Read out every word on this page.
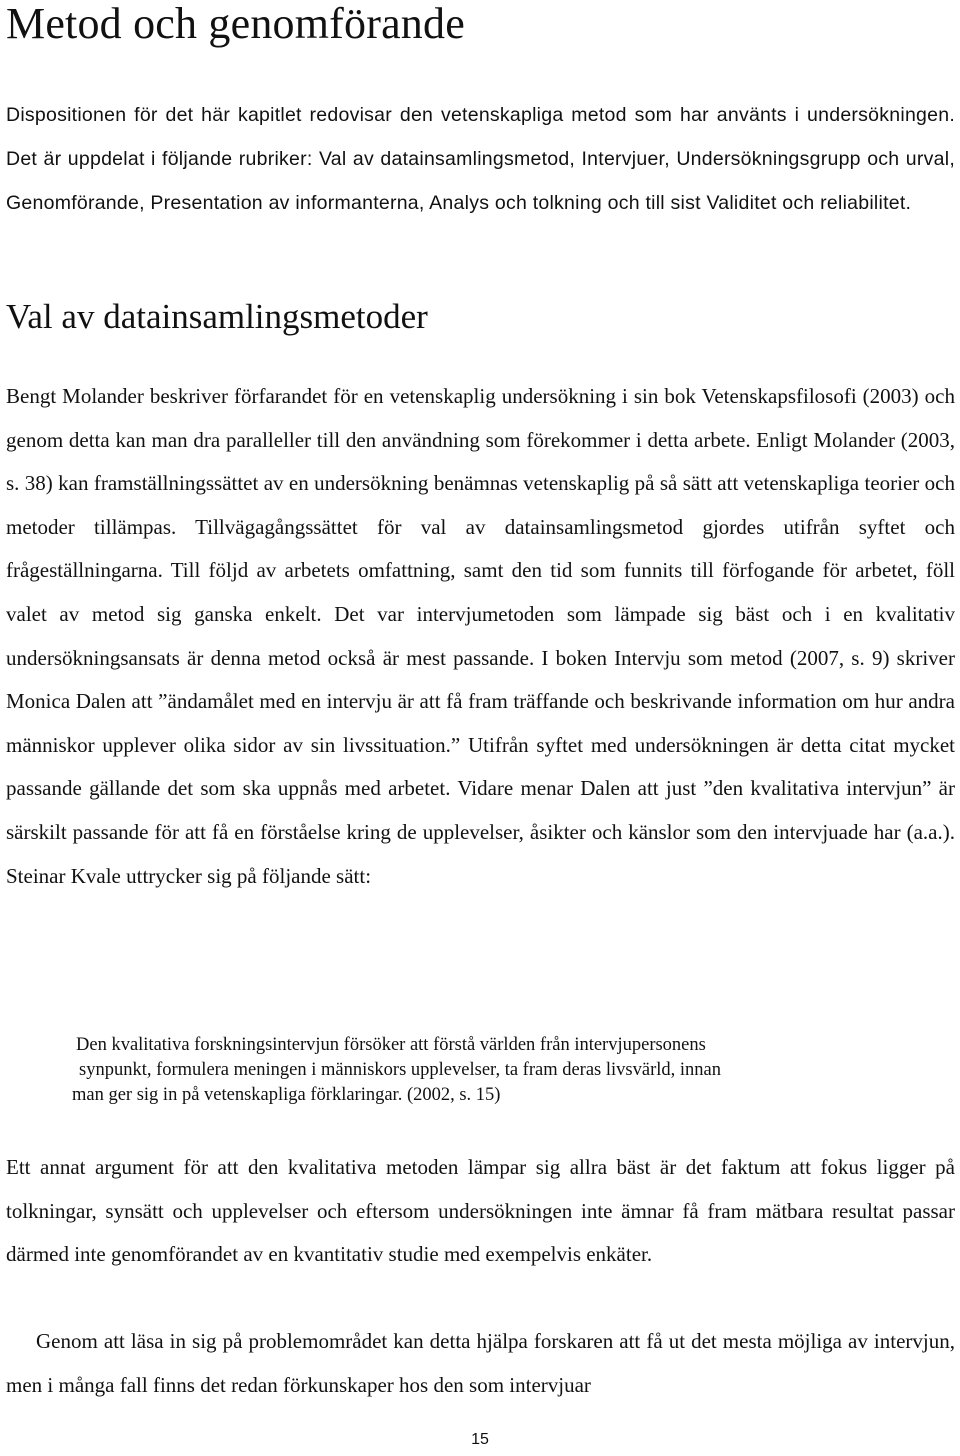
Metod och genomförande

Dispositionen för det här kapitlet redovisar den vetenskapliga metod som har använts i undersökningen. Det är uppdelat i följande rubriker: Val av datainsamlingsmetod, Intervjuer, Undersökningsgrupp och urval, Genomförande, Presentation av informanterna, Analys och tolkning och till sist Validitet och reliabilitet.

Val av datainsamlingsmetoder

Bengt Molander beskriver förfarandet för en vetenskaplig undersökning i sin bok Vetenskapsfilosofi (2003) och genom detta kan man dra paralleller till den användning som förekommer i detta arbete. Enligt Molander (2003, s. 38) kan framställningssättet av en undersökning benämnas vetenskaplig på så sätt att vetenskapliga teorier och metoder tillämpas. Tillvägagångssättet för val av datainsamlingsmetod gjordes utifrån syftet och frågeställningarna. Till följd av arbetets omfattning, samt den tid som funnits till förfogande för arbetet, föll valet av metod sig ganska enkelt. Det var intervjumetoden som lämpade sig bäst och i en kvalitativ undersökningsansats är denna metod också är mest passande. I boken Intervju som metod (2007, s. 9) skriver Monica Dalen att ”ändamålet med en intervju är att få fram träffande och beskrivande information om hur andra människor upplever olika sidor av sin livssituation.” Utifrån syftet med undersökningen är detta citat mycket passande gällande det som ska uppnås med arbetet. Vidare menar Dalen att just ”den kvalitativa intervjun” är särskilt passande för att få en förståelse kring de upplevelser, åsikter och känslor som den intervjuade har (a.a.). Steinar Kvale uttrycker sig på följande sätt:

Den kvalitativa forskningsintervjun försöker att förstå världen från intervjupersonens
synpunkt, formulera meningen i människors upplevelser, ta fram deras livsvärld, innan
man ger sig in på vetenskapliga förklaringar. (2002, s. 15)

Ett annat argument för att den kvalitativa metoden lämpar sig allra bäst är det faktum att fokus ligger på tolkningar, synsätt och upplevelser och eftersom undersökningen inte ämnar få fram mätbara resultat passar därmed inte genomförandet av en kvantitativ studie med exempelvis enkäter.

Genom att läsa in sig på problemområdet kan detta hjälpa forskaren att få ut det mesta möjliga av intervjun, men i många fall finns det redan förkunskaper hos den som intervjuar

15
